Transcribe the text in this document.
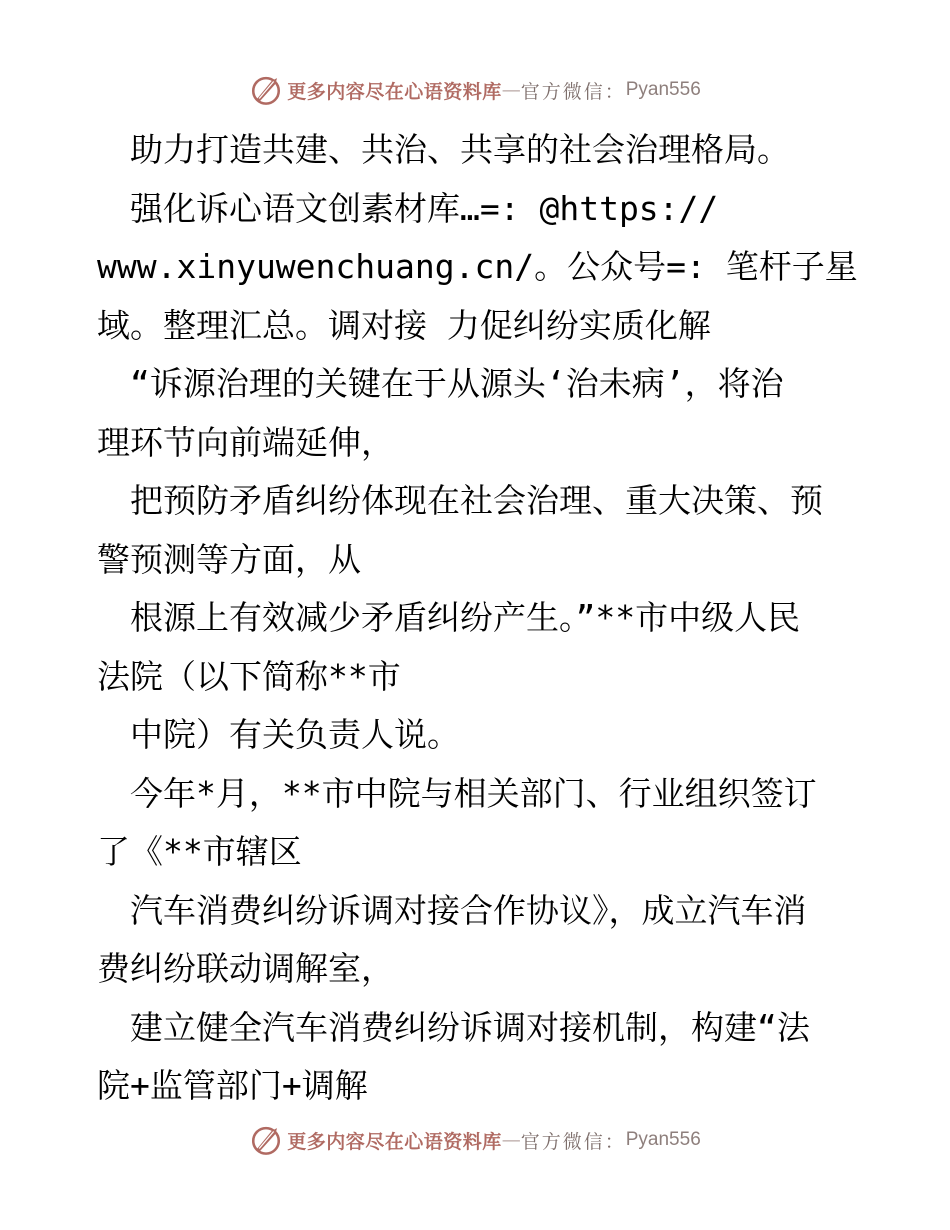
更多内容尽在心语资料库 — 官方微信： Pyan556
　助力打造共建、共治、共享的社会治理格局。
　强化诉心语文创素材库…=: @https://
www.xinyuwenchuang.cn/。公众号=: 笔杆子星
域。整理汇总。调对接 力促纠纷实质化解
　“诉源治理的关键在于从源头‘治未病’，将治
理环节向前端延伸，
　把预防矛盾纠纷体现在社会治理、重大决策、预
警预测等方面，从
　根源上有效减少矛盾纠纷产生。”**市中级人民
法院（以下简称**市
　中院）有关负责人说。
　今年*月，**市中院与相关部门、行业组织签订
了《**市辖区
　汽车消费纠纷诉调对接合作协议》，成立汽车消
费纠纷联动调解室，
　建立健全汽车消费纠纷诉调对接机制，构建“法
院+监管部门+调解
更多内容尽在心语资料库 — 官方微信： Pyan556
